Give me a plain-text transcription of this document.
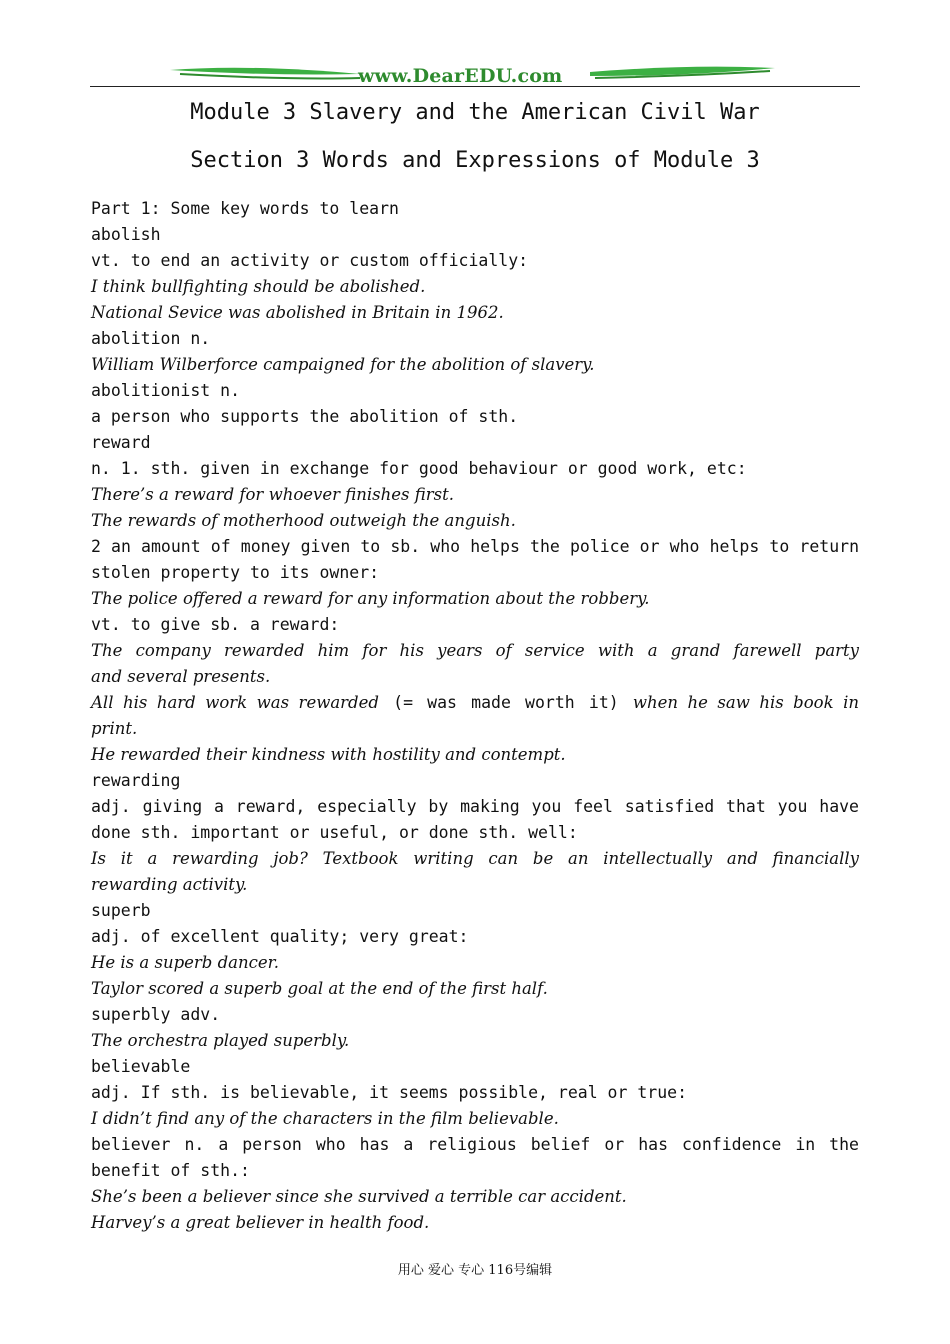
www.DearEDU.com
Module 3 Slavery and the American Civil War
Section 3 Words and Expressions of Module 3
Part 1: Some key words to learn
abolish
vt. to end an activity or custom officially:
I think bullfighting should be abolished.
National Sevice was abolished in Britain in 1962.
abolition n.
William Wilberforce campaigned for the abolition of slavery.
abolitionist n.
a person who supports the abolition of sth.
reward
n. 1. sth. given in exchange for good behaviour or good work, etc:
There’s a reward for whoever finishes first.
The rewards of motherhood outweigh the anguish.
2 an amount of money given to sb. who helps the police or who helps to return
stolen property to its owner:
The police offered a reward for any information about the robbery.
vt. to give sb. a reward:
The company rewarded him for his years of service with a grand farewell party
and several presents.
All his hard work was rewarded (= was made worth it) when he saw his book in
print.
He rewarded their kindness with hostility and contempt.
rewarding
adj. giving a reward, especially by making you feel satisfied that you have
done sth. important or useful, or done sth. well:
Is it a rewarding job? Textbook writing can be an intellectually and financially
rewarding activity.
superb
adj. of excellent quality; very great:
He is a superb dancer.
Taylor scored a superb goal at the end of the first half.
superbly adv.
The orchestra played superbly.
believable
adj. If sth. is believable, it seems possible, real or true:
I didn’t find any of the characters in the film believable.
believer n. a person who has a religious belief or has confidence in the
benefit of sth.:
She’s been a believer since she survived a terrible car accident.
Harvey’s a great believer in health food.
用心 爱心 专心 116号编辑
